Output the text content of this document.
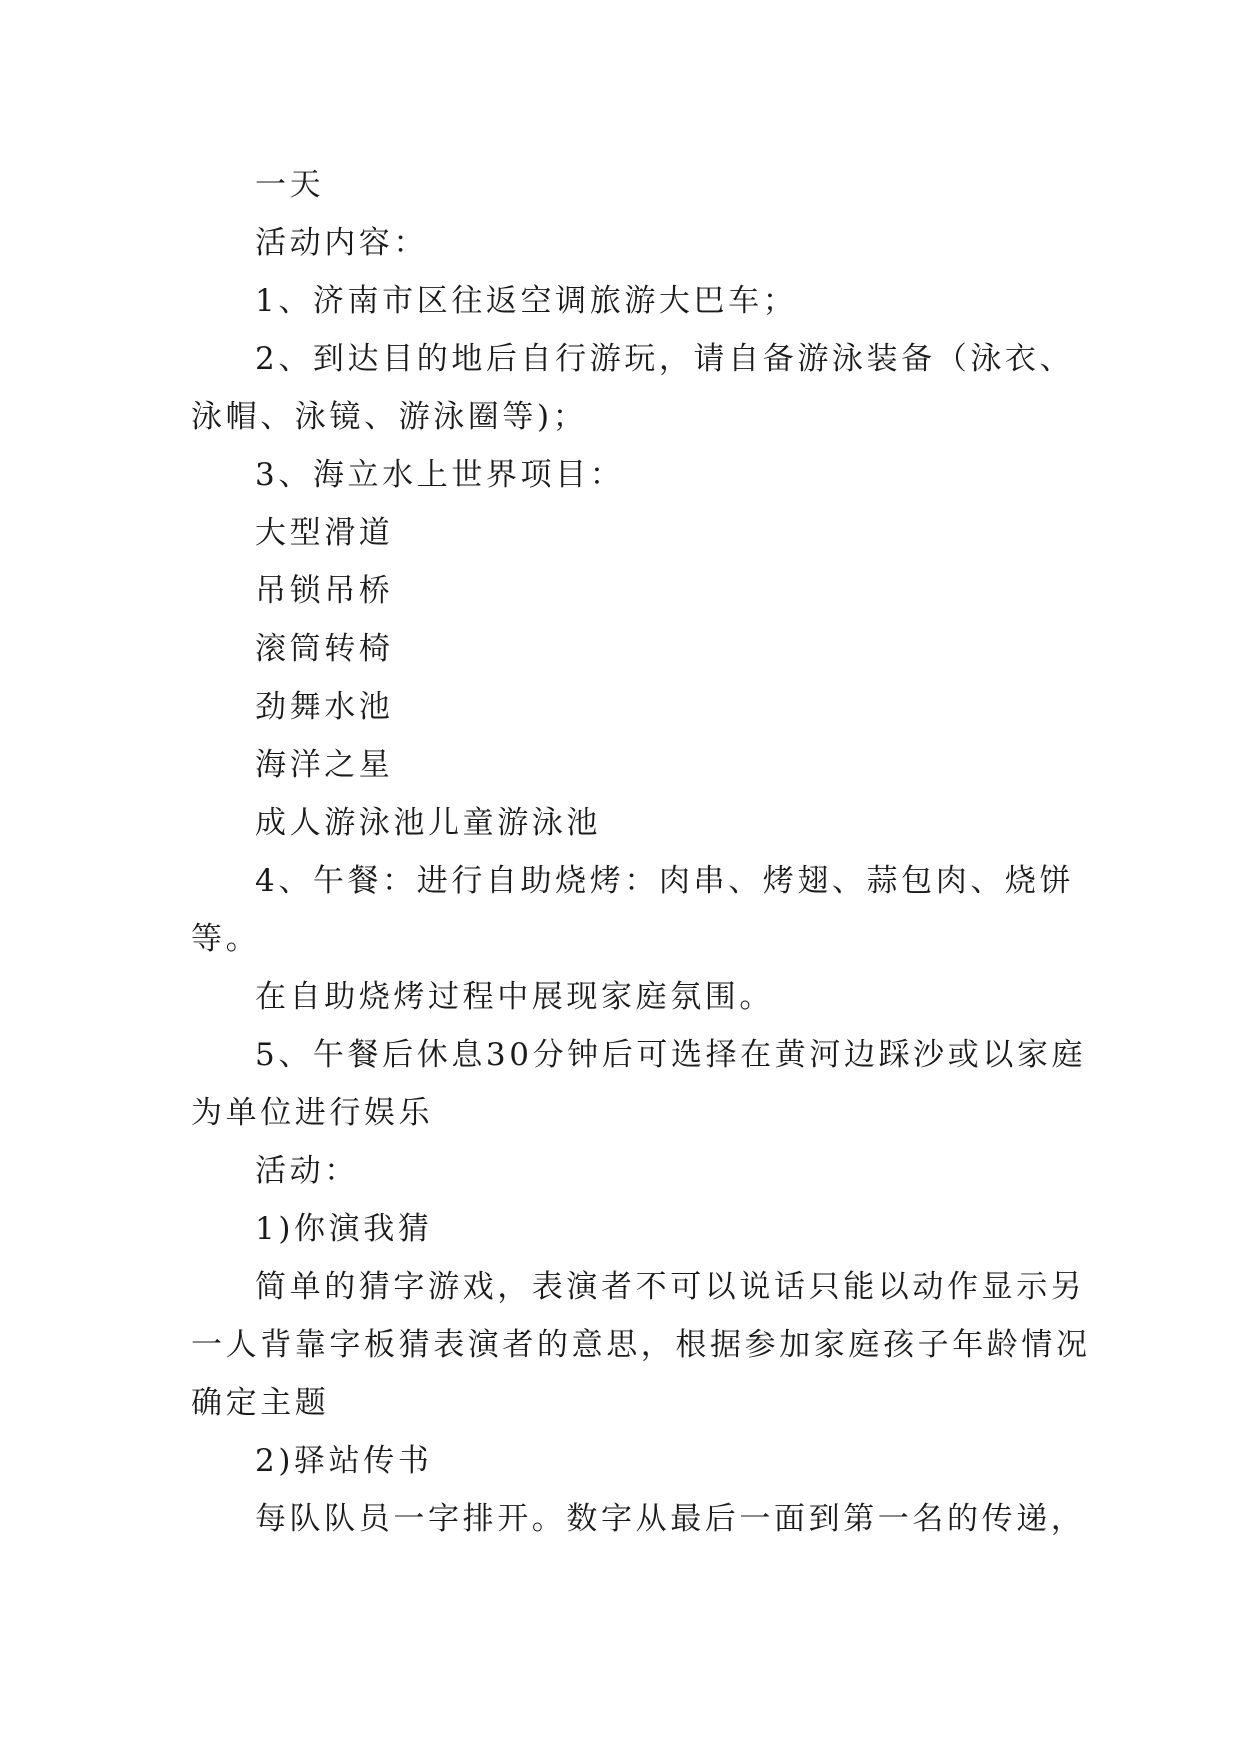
一天
活动内容：
1、济南市区往返空调旅游大巴车；
2、到达目的地后自行游玩，请自备游泳装备（泳衣、
泳帽、泳镜、游泳圈等)；
3、海立水上世界项目：
大型滑道
吊锁吊桥
滚筒转椅
劲舞水池
海洋之星
成人游泳池儿童游泳池
4、午餐：进行自助烧烤：肉串、烤翅、蒜包肉、烧饼
等。
在自助烧烤过程中展现家庭氛围。
5、午餐后休息30分钟后可选择在黄河边踩沙或以家庭
为单位进行娱乐
活动：
1)你演我猜
简单的猜字游戏，表演者不可以说话只能以动作显示另
一人背靠字板猜表演者的意思，根据参加家庭孩子年龄情况
确定主题
2)驿站传书
每队队员一字排开。数字从最后一面到第一名的传递，
